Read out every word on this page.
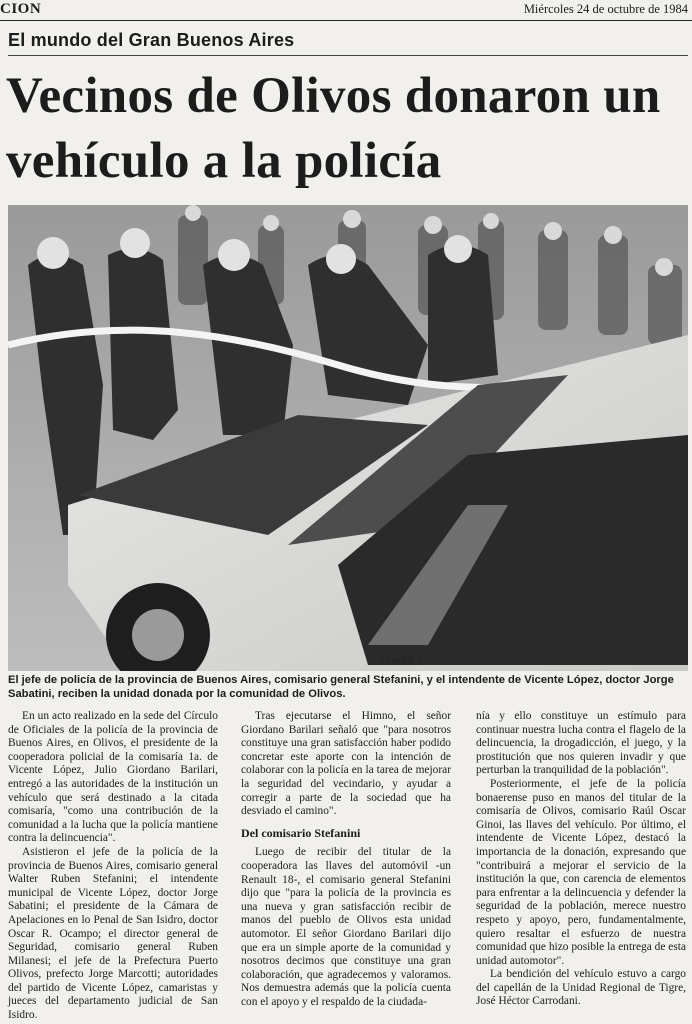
CION	Miércoles 24 de octubre de 1984
El mundo del Gran Buenos Aires
Vecinos de Olivos donaron un vehículo a la policía
LOPEZ 1º
El jefe de policía de la provincia de Buenos Aires, comisario general Stefanini, y el intendente de Vicente López, doctor Jorge Sabatini, reciben la unidad donada por la comunidad de Olivos.

En un acto realizado en la sede del Círculo de Oficiales de la policía de la provincia de Buenos Aires, en Olivos, el presidente de la cooperadora policial de la comisaría 1a. de Vicente López, Julio Giordano Barilari, entregó a las autoridades de la institución un vehículo que será destinado a la citada comisaría, "como una contribución de la comunidad a la lucha que la policía mantiene contra la delincuencia".

Asistieron el jefe de la policía de la provincia de Buenos Aires, comisario general Walter Ruben Stefanini; el intendente municipal de Vicente López, doctor Jorge Sabatini; el presidente de la Cámara de Apelaciones en lo Penal de San Isidro, doctor Oscar R. Ocampo; el director general de Seguridad, comisario general Ruben Milanesi; el jefe de la Prefectura Puerto Olivos, prefecto Jorge Marcotti; autoridades del partido de Vicente López, camaristas y jueces del departamento judicial de San Isidro.

Tras ejecutarse el Himno, el señor Giordano Barilari señaló que "para nosotros constituye una gran satisfacción haber podido concretar este aporte con la intención de colaborar con la policía en la tarea de mejorar la seguridad del vecindario, y ayudar a corregir a parte de la sociedad que ha desviado el camino".

Del comisario Stefanini

Luego de recibir del titular de la cooperadora las llaves del automóvil -un Renault 18-, el comisario general Stefanini dijo que "para la policía de la provincia es una nueva y gran satisfacción recibir de manos del pueblo de Olivos esta unidad automotor. El señor Giordano Barilari dijo que era un simple aporte de la comunidad y nosotros decimos que constituye una gran colaboración, que agradecemos y valoramos. Nos demuestra además que la policía cuenta con el apoyo y el respaldo de la ciudada-

nía y ello constituye un estímulo para continuar nuestra lucha contra el flagelo de la delincuencia, la drogadicción, el juego, y la prostitución que nos quieren invadir y que perturban la tranquilidad de la población".

Posteriormente, el jefe de la policía bonaerense puso en manos del titular de la comisaría de Olivos, comisario Raúl Oscar Ginoi, las llaves del vehículo. Por último, el intendente de Vicente López, destacó la importancia de la donación, expresando que "contribuirá a mejorar el servicio de la institución la que, con carencia de elementos para enfrentar a la delincuencia y defender la seguridad de la población, merece nuestro respeto y apoyo, pero, fundamentalmente, quiero resaltar el esfuerzo de nuestra comunidad que hizo posible la entrega de esta unidad automotor".

La bendición del vehículo estuvo a cargo del capellán de la Unidad Regional de Tigre, José Héctor Carrodani.
